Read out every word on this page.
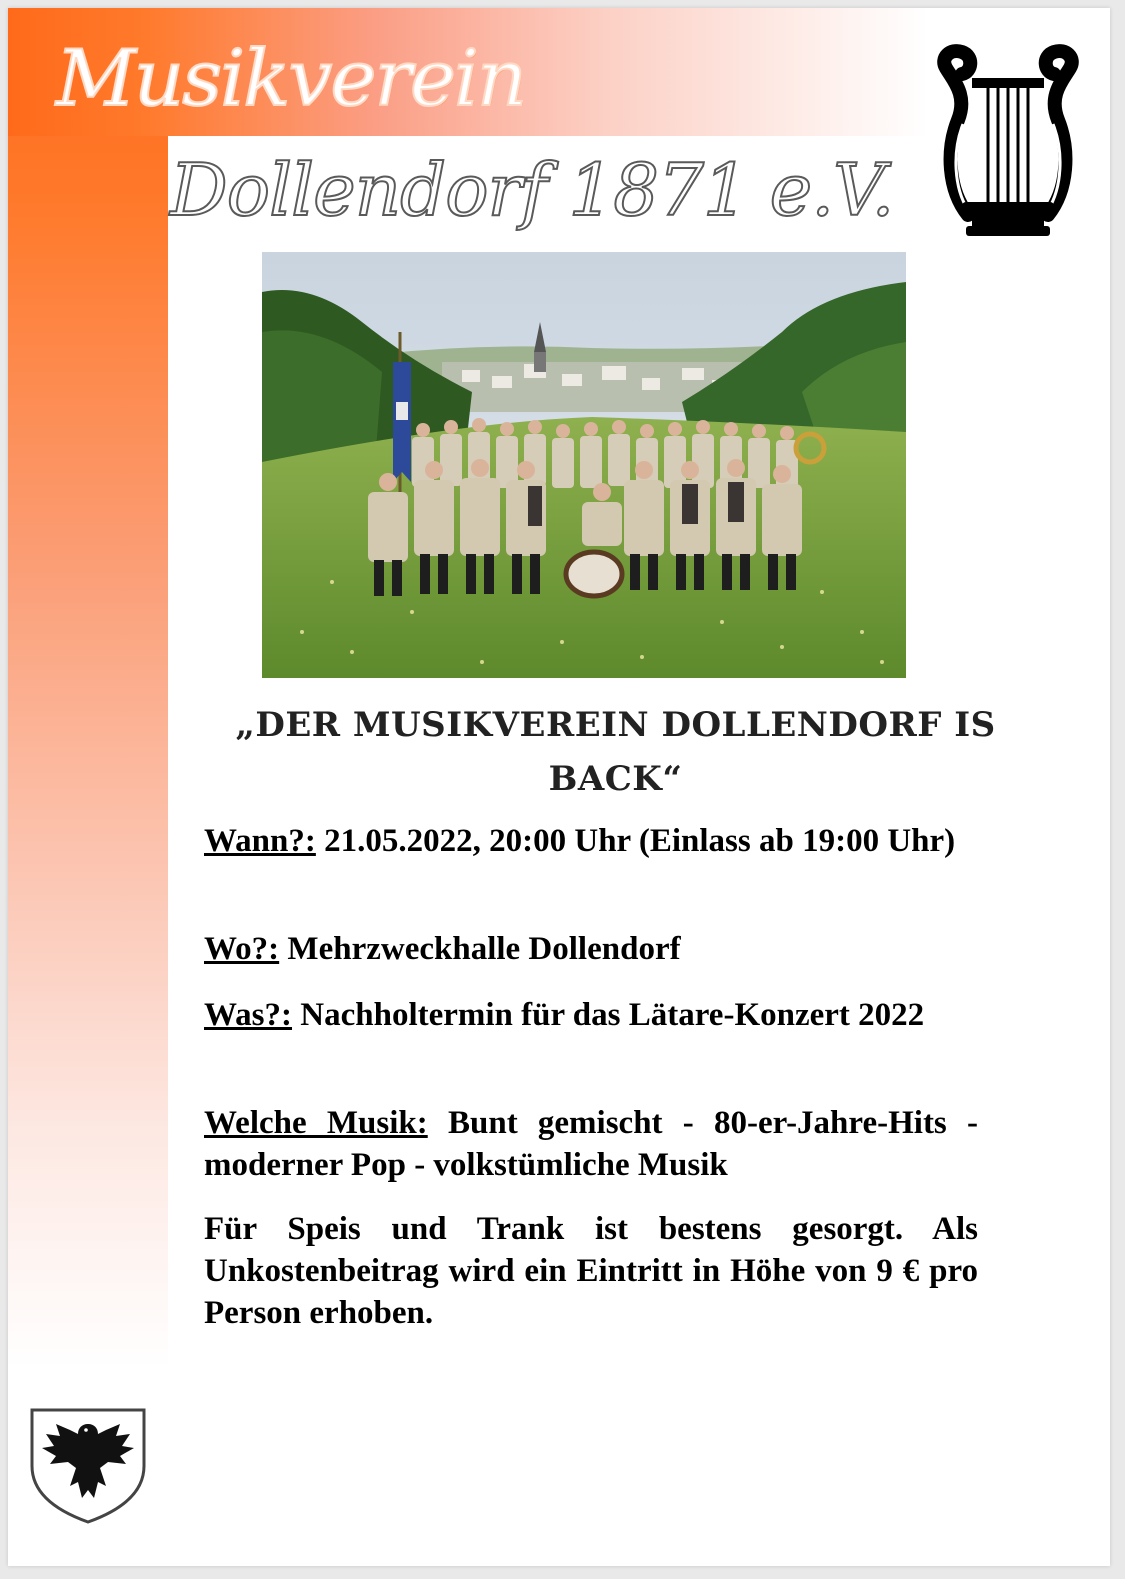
Musikverein
Dollendorf 1871 e.V.
„DER MUSIKVEREIN DOLLENDORF IS
BACK“
Wann?: 21.05.2022, 20:00 Uhr (Einlass ab 19:00 Uhr)
Wo?: Mehrzweckhalle Dollendorf
Was?: Nachholtermin für das Lätare-Konzert 2022
Welche Musik: Bunt gemischt - 80-er-Jahre-Hits - moderner Pop - volkstümliche Musik
Für Speis und Trank ist bestens gesorgt. Als Unkostenbeitrag wird ein Eintritt in Höhe von 9 € pro Person erhoben.
